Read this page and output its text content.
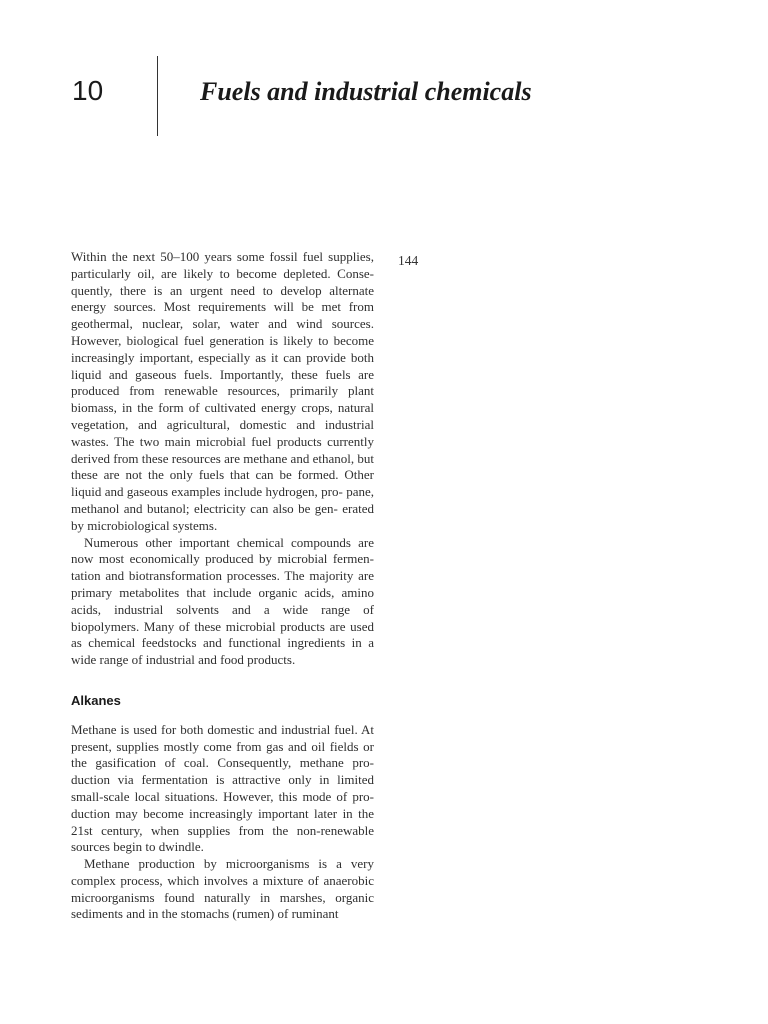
10	Fuels and industrial chemicals
144

Within the next 50–100 years some fossil fuel supplies, particularly oil, are likely to become depleted. Conse- quently, there is an urgent need to develop alternate energy sources. Most requirements will be met from geothermal, nuclear, solar, water and wind sources. However, biological fuel generation is likely to become increasingly important, especially as it can provide both liquid and gaseous fuels. Importantly, these fuels are produced from renewable resources, primarily plant biomass, in the form of cultivated energy crops, natural vegetation, and agricultural, domestic and industrial wastes. The two main microbial fuel products currently derived from these resources are methane and ethanol, but these are not the only fuels that can be formed. Other liquid and gaseous examples include hydrogen, pro- pane, methanol and butanol; electricity can also be gen- erated by microbiological systems.

Numerous other important chemical compounds are now most economically produced by microbial fermen- tation and biotransformation processes. The majority are primary metabolites that include organic acids, amino acids, industrial solvents and a wide range of biopolymers. Many of these microbial products are used as chemical feedstocks and functional ingredients in a wide range of industrial and food products.

Alkanes

Methane is used for both domestic and industrial fuel. At present, supplies mostly come from gas and oil fields or the gasification of coal. Consequently, methane pro- duction via fermentation is attractive only in limited small-scale local situations. However, this mode of pro- duction may become increasingly important later in the 21st century, when supplies from the non-renewable sources begin to dwindle.

Methane production by microorganisms is a very complex process, which involves a mixture of anaerobic microorganisms found naturally in marshes, organic sediments and in the stomachs (rumen) of ruminant
